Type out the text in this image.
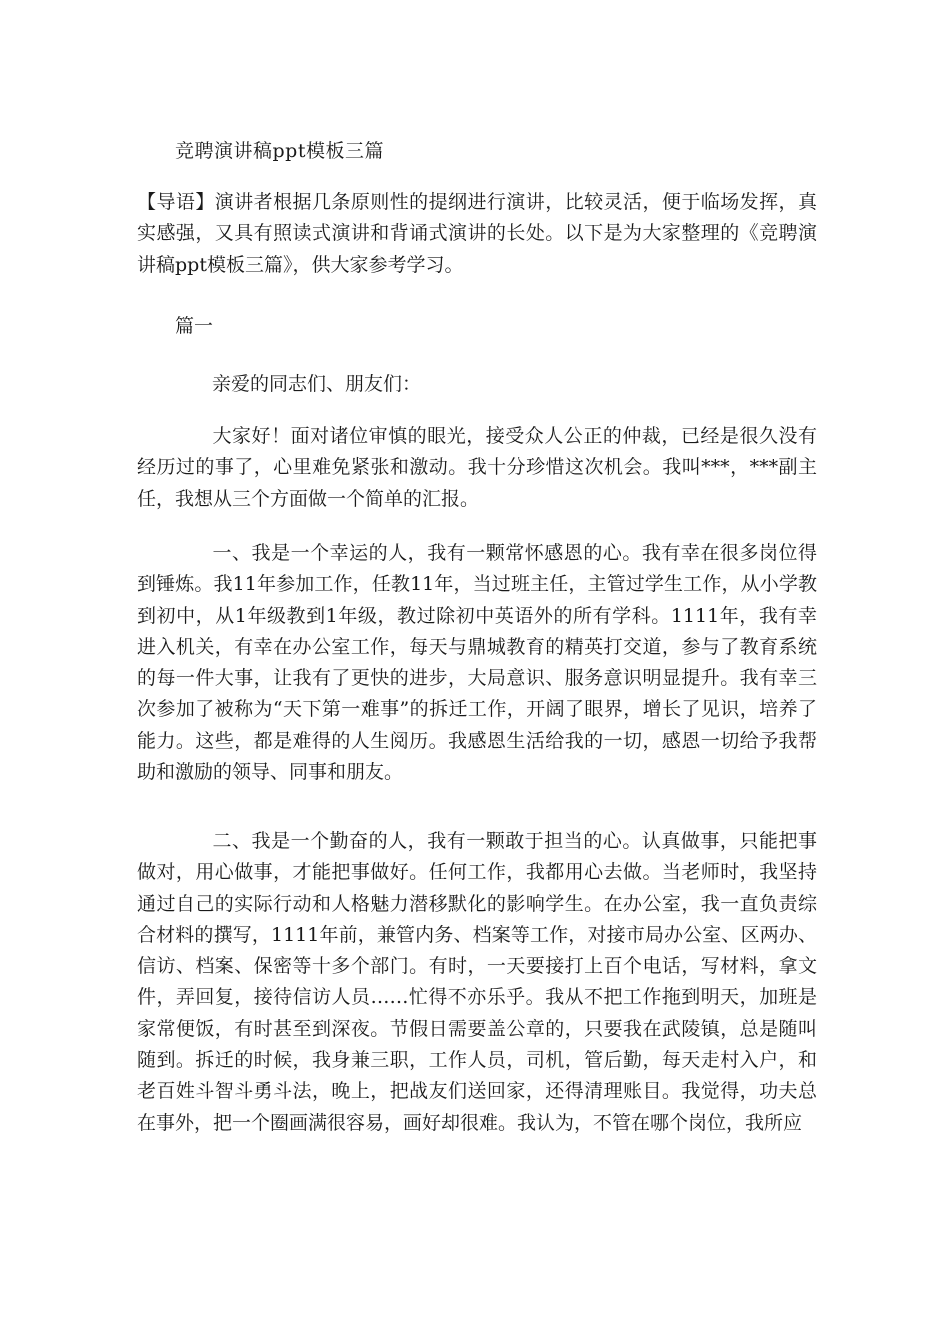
竞聘演讲稿ppt模板三篇
【导语】演讲者根据几条原则性的提纲进行演讲，比较灵活，便于临场发挥，真实感强，又具有照读式演讲和背诵式演讲的长处。以下是为大家整理的《竞聘演讲稿ppt模板三篇》，供大家参考学习。
篇一
亲爱的同志们、朋友们：
大家好！面对诸位审慎的眼光，接受众人公正的仲裁，已经是很久没有经历过的事了，心里难免紧张和激动。我十分珍惜这次机会。我叫***，***副主任，我想从三个方面做一个简单的汇报。
一、我是一个幸运的人，我有一颗常怀感恩的心。我有幸在很多岗位得到锤炼。我11年参加工作，任教11年，当过班主任，主管过学生工作，从小学教到初中，从1年级教到1年级，教过除初中英语外的所有学科。1111年，我有幸进入机关，有幸在办公室工作，每天与鼎城教育的精英打交道，参与了教育系统的每一件大事，让我有了更快的进步，大局意识、服务意识明显提升。我有幸三次参加了被称为“天下第一难事”的拆迁工作，开阔了眼界，增长了见识，培养了能力。这些，都是难得的人生阅历。我感恩生活给我的一切，感恩一切给予我帮助和激励的领导、同事和朋友。
二、我是一个勤奋的人，我有一颗敢于担当的心。认真做事，只能把事做对，用心做事，才能把事做好。任何工作，我都用心去做。当老师时，我坚持通过自己的实际行动和人格魅力潜移默化的影响学生。在办公室，我一直负责综合材料的撰写，1111年前，兼管内务、档案等工作，对接市局办公室、区两办、信访、档案、保密等十多个部门。有时，一天要接打上百个电话，写材料，拿文件，弄回复，接待信访人员……忙得不亦乐乎。我从不把工作拖到明天，加班是家常便饭，有时甚至到深夜。节假日需要盖公章的，只要我在武陵镇，总是随叫随到。拆迁的时候，我身兼三职，工作人员，司机，管后勤，每天走村入户，和老百姓斗智斗勇斗法，晚上，把战友们送回家，还得清理账目。我觉得，功夫总在事外，把一个圈画满很容易，画好却很难。我认为，不管在哪个岗位，我所应
